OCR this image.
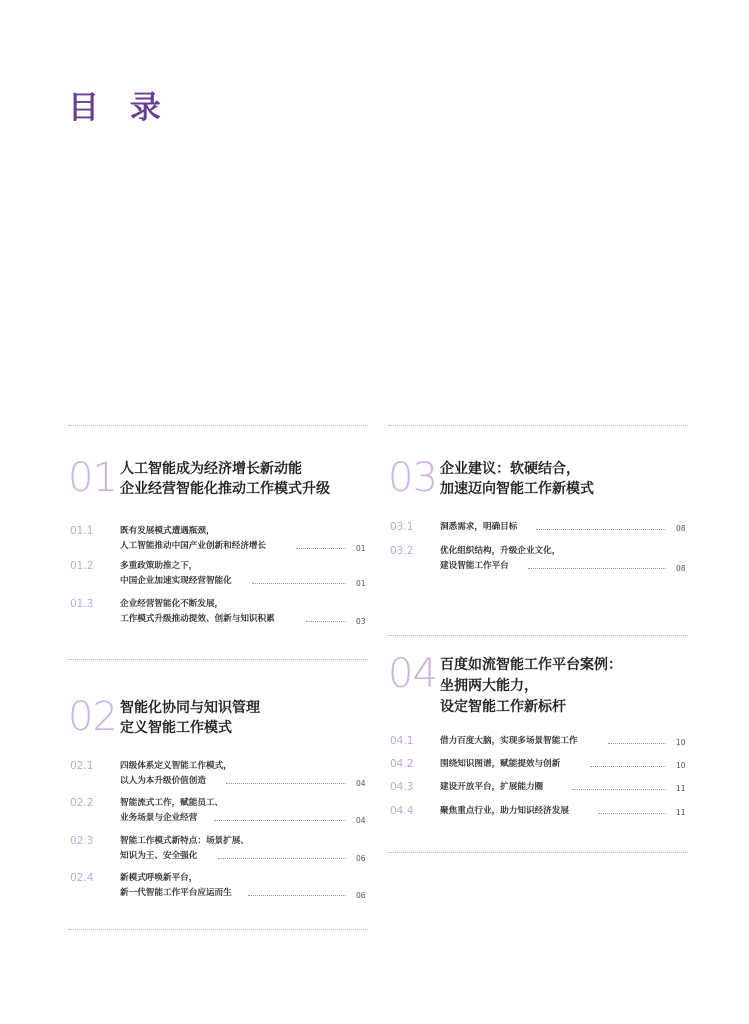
目 录
01 人工智能成为经济增长新动能
企业经营智能化推动工作模式升级
01.1	既有发展模式遭遇瓶颈，
人工智能推动中国产业创新和经济增长	01
01.2	多重政策助推之下，
中国企业加速实现经营智能化	01
01.3	企业经营智能化不断发展，
工作模式升级推动提效、创新与知识积累	03
02 智能化协同与知识管理
定义智能工作模式
02.1	四级体系定义智能工作模式，
以人为本升级价值创造	04
02.2	智能流式工作，赋能员工、
业务场景与企业经营	04
02.3	智能工作模式新特点：场景扩展、
知识为王、安全强化	06
02.4	新模式呼唤新平台，
新一代智能工作平台应运而生	06
03 企业建议：软硬结合，
加速迈向智能工作新模式
03.1	洞悉需求，明确目标	08
03.2	优化组织结构，升级企业文化，
建设智能工作平台	08
04 百度如流智能工作平台案例：
坐拥两大能力，
设定智能工作新标杆
04.1	借力百度大脑，实现多场景智能工作	10
04.2	围绕知识图谱，赋能提效与创新	10
04.3	建设开放平台，扩展能力圈	11
04.4	聚焦重点行业，助力知识经济发展	11
